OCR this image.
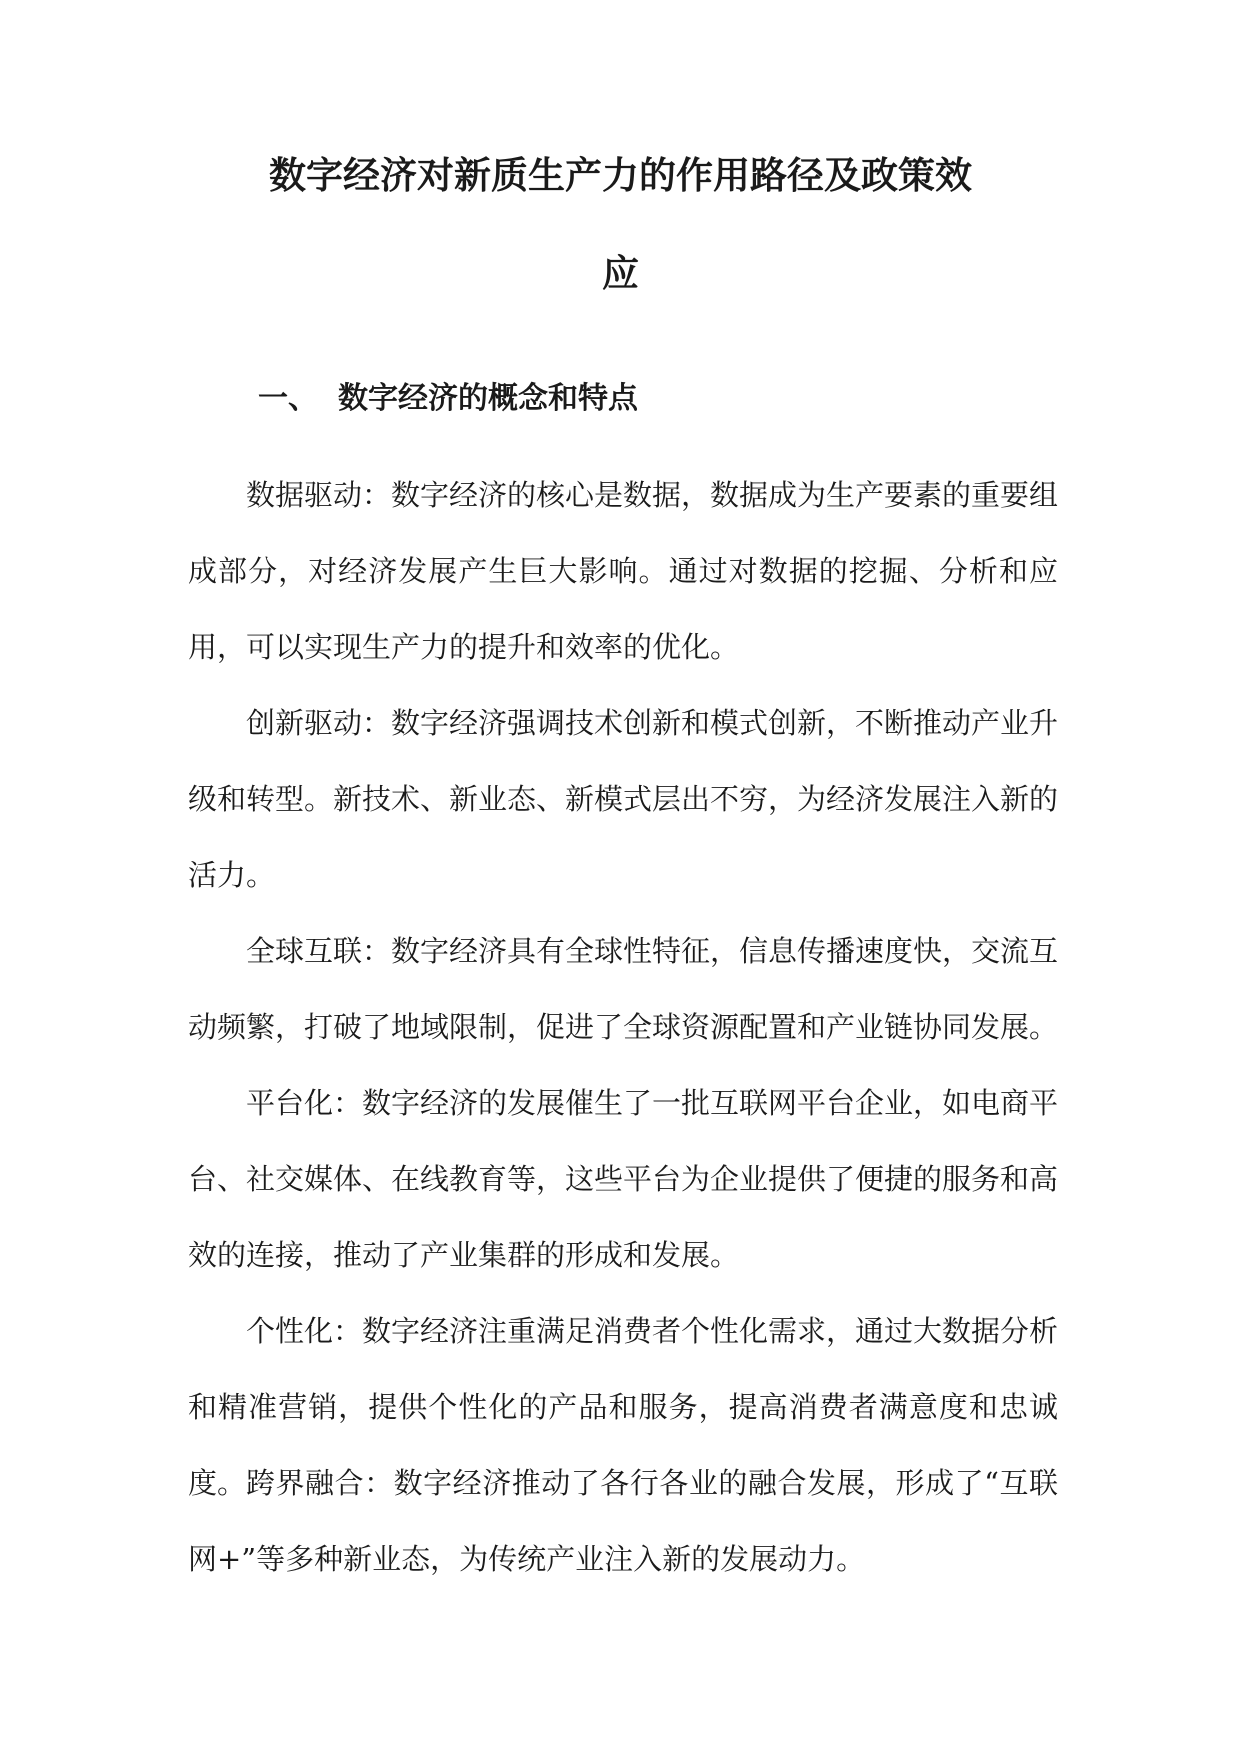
数字经济对新质生产力的作用路径及政策效
应
一、 数字经济的概念和特点

数据驱动：数字经济的核心是数据，数据成为生产要素的重要组成部分，对经济发展产生巨大影响。通过对数据的挖掘、分析和应用，可以实现生产力的提升和效率的优化。

创新驱动：数字经济强调技术创新和模式创新，不断推动产业升级和转型。新技术、新业态、新模式层出不穷，为经济发展注入新的活力。

全球互联：数字经济具有全球性特征，信息传播速度快，交流互动频繁，打破了地域限制，促进了全球资源配置和产业链协同发展。

平台化：数字经济的发展催生了一批互联网平台企业，如电商平台、社交媒体、在线教育等，这些平台为企业提供了便捷的服务和高效的连接，推动了产业集群的形成和发展。

个性化：数字经济注重满足消费者个性化需求，通过大数据分析和精准营销，提供个性化的产品和服务，提高消费者满意度和忠诚度。 跨界融合：数字经济推动了各行各业的融合发展，形成了“互联网+”等多种新业态，为传统产业注入新的发展动力。
